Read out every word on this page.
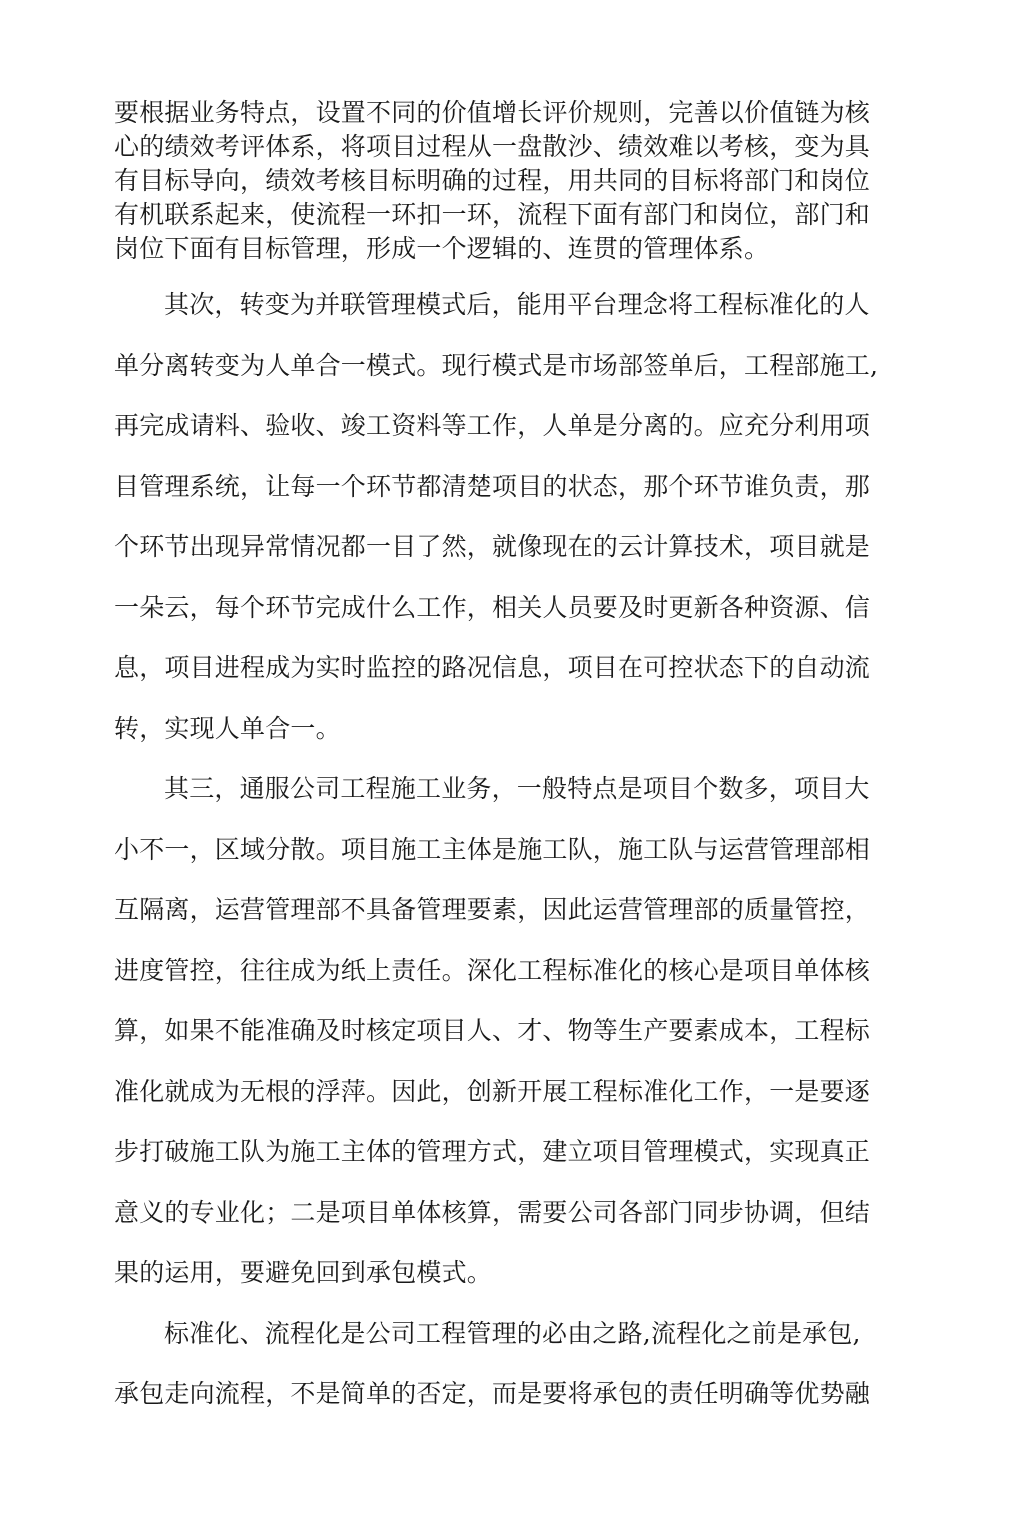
要根据业务特点，设置不同的价值增长评价规则，完善以价值链为核
心的绩效考评体系，将项目过程从一盘散沙、绩效难以考核，变为具
有目标导向，绩效考核目标明确的过程，用共同的目标将部门和岗位
有机联系起来，使流程一环扣一环，流程下面有部门和岗位，部门和
岗位下面有目标管理，形成一个逻辑的、连贯的管理体系。
其次，转变为并联管理模式后，能用平台理念将工程标准化的人
单分离转变为人单合一模式。现行模式是市场部签单后，工程部施工,
再完成请料、验收、竣工资料等工作，人单是分离的。应充分利用项
目管理系统，让每一个环节都清楚项目的状态，那个环节谁负责，那
个环节出现异常情况都一目了然，就像现在的云计算技术，项目就是
一朵云，每个环节完成什么工作，相关人员要及时更新各种资源、信
息，项目进程成为实时监控的路况信息，项目在可控状态下的自动流
转，实现人单合一。
其三，通服公司工程施工业务，一般特点是项目个数多，项目大
小不一，区域分散。项目施工主体是施工队，施工队与运营管理部相
互隔离，运营管理部不具备管理要素，因此运营管理部的质量管控，
进度管控，往往成为纸上责任。深化工程标准化的核心是项目单体核
算，如果不能准确及时核定项目人、才、物等生产要素成本，工程标
准化就成为无根的浮萍。因此，创新开展工程标准化工作，一是要逐
步打破施工队为施工主体的管理方式，建立项目管理模式，实现真正
意义的专业化；二是项目单体核算，需要公司各部门同步协调，但结
果的运用，要避免回到承包模式。
标准化、流程化是公司工程管理的必由之路,流程化之前是承包,
承包走向流程，不是简单的否定，而是要将承包的责任明确等优势融
